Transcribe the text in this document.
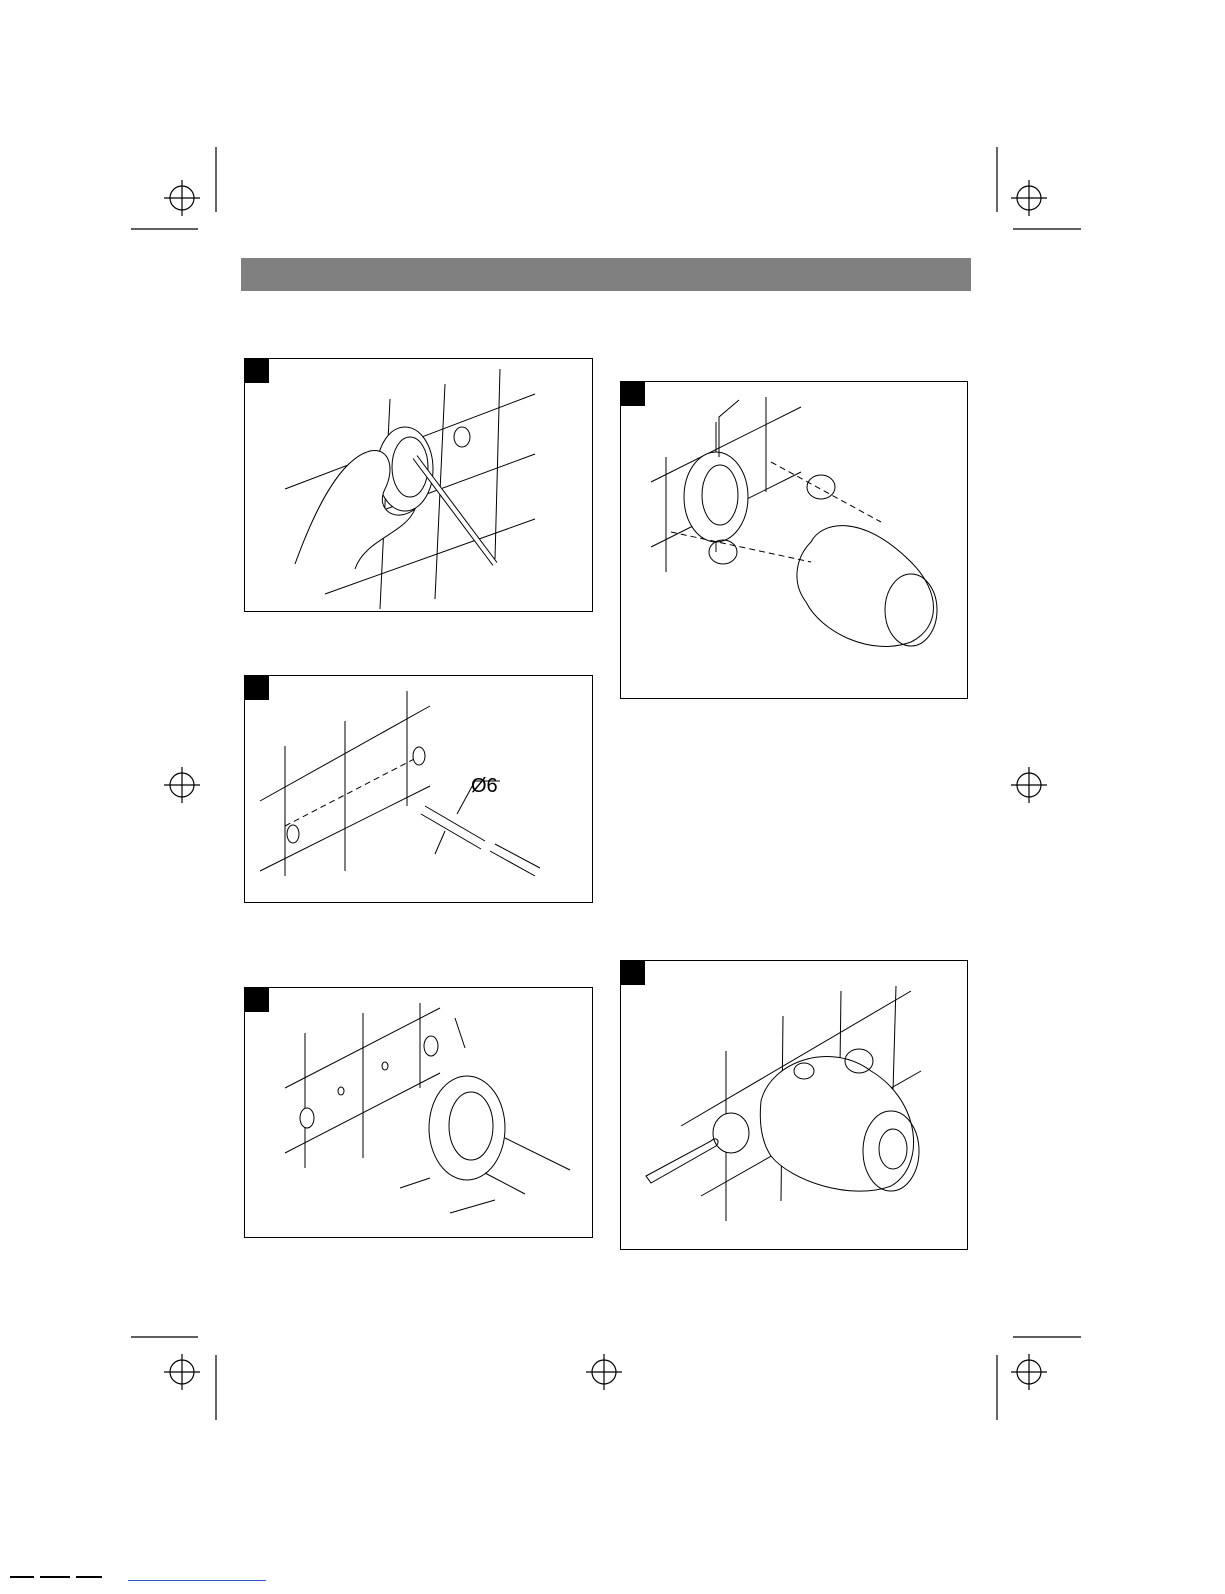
Ø6
